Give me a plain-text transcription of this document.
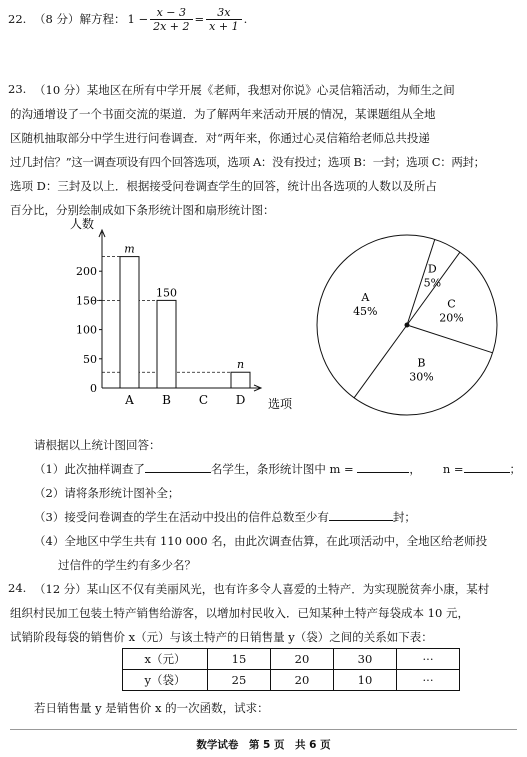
22. （8 分）解方程： $1 - \frac{x - 3}{2x + 2} = \frac{3x}{x + 1}$ .
23. （10 分）某地区在所有中学开展《老师，我想对你说》心灵信箱活动，为师生之间
的沟通增设了一个书面交流的渠道．为了解两年来活动开展的情况，某课题组从全地
区随机抽取部分中学生进行问卷调查．对“两年来，你通过心灵信箱给老师总共投递
过几封信？”这一调查项设有四个回答选项，选项 A：没有投过；选项 B：一封；选项 C：两封；
选项 D：三封及以上．根据接受问卷调查学生的回答，统计出各选项的人数以及所占
百分比，分别绘制成如下条形统计图和扇形统计图：
人数
选项
0
50
100
150
200
A
m
B
150
C D
n
D
5%
C
20%
B
30%
A
45%
请根据以上统计图回答：
（1）此次抽样调查了	名学生，条形统计图中 m =	， n =	；
（2）请将条形统计图补全；
（3）接受问卷调查的学生在活动中投出的信件总数至少有	封；
（4）全地区中学生共有 110 000 名，由此次调查估算，在此项活动中，全地区给老师投
过信件的学生约有多少名？
24. （12 分）某山区不仅有美丽风光，也有许多令人喜爱的土特产．为实现脱贫奔小康，某村
组织村民加工包装土特产销售给游客，以增加村民收入．已知某种土特产每袋成本 10 元，
试销阶段每袋的销售价 x（元）与该土特产的日销售量 y（袋）之间的关系如下表：
x（元）	15	20	30	···
y（袋）	25	20	10	···
若日销售量 y 是销售价 x 的一次函数，试求：
数学试卷　第 5 页　共 6 页
